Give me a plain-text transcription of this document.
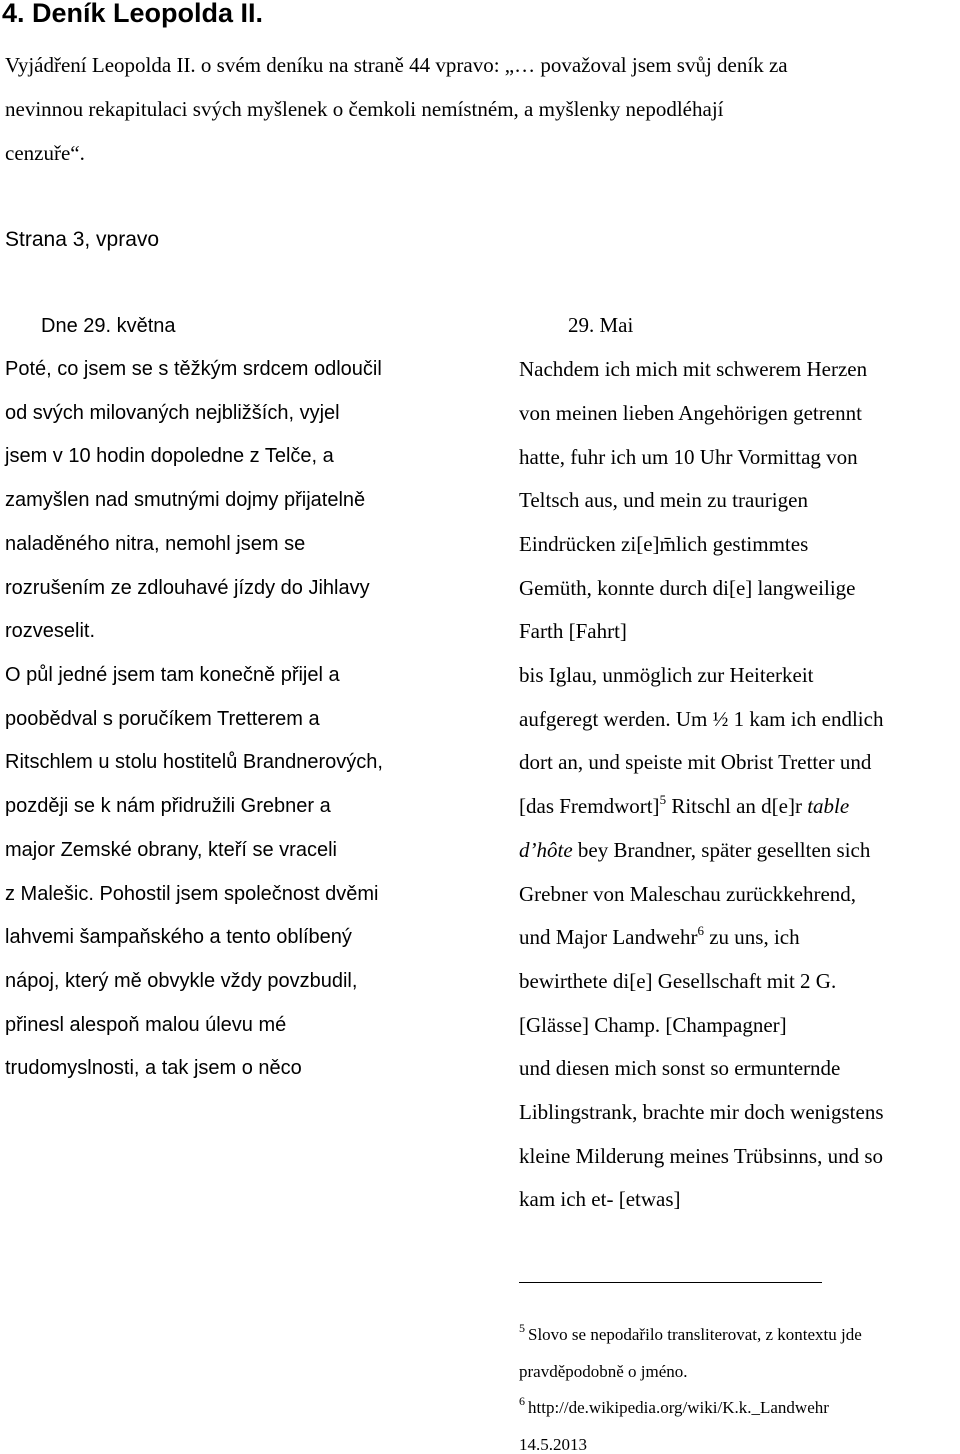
4. Deník Leopolda II.
Vyjádření Leopolda II. o svém deníku na straně 44 vpravo: „… považoval jsem svůj deník za
nevinnou rekapitulaci svých myšlenek o čemkoli nemístném, a myšlenky nepodléhají
cenzuře“.
Strana 3, vpravo
Dne 29. května
Poté, co jsem se s těžkým srdcem odloučil
od svých milovaných nejbližších, vyjel
jsem v 10 hodin dopoledne z Telče, a
zamyšlen nad smutnými dojmy přijatelně
naladěného nitra, nemohl jsem se
rozrušením ze zdlouhavé jízdy do Jihlavy
rozveselit.
O půl jedné jsem tam konečně přijel a
poobědval s poručíkem Tretterem a
Ritschlem u stolu hostitelů Brandnerových,
později se k nám přidružili Grebner a
major Zemské obrany, kteří se vraceli
z Malešic. Pohostil jsem společnost dvěmi
lahvemi šampaňského a tento oblíbený
nápoj, který mě obvykle vždy povzbudil,
přinesl alespoň malou úlevu mé
trudomyslnosti, a tak jsem o něco
29. Mai
Nachdem ich mich mit schwerem Herzen
von meinen lieben Angehörigen getrennt
hatte, fuhr ich um 10 Uhr Vormittag von
Teltsch aus, und mein zu traurigen
Eindrücken zi[e]m̄lich gestimmtes
Gemüth, konnte durch di[e] langweilige
Farth [Fahrt]
bis Iglau, unmöglich zur Heiterkeit
aufgeregt werden. Um ½ 1 kam ich endlich
dort an, und speiste mit Obrist Tretter und
[das Fremdwort]$^5$ Ritschl an d[e]r table
d’hôte bey Brandner, später gesellten sich
Grebner von Maleschau zurückkehrend,
und Major Landwehr$^6$ zu uns, ich
bewirthete di[e] Gesellschaft mit 2 G.
[Glässe] Champ. [Champagner]
und diesen mich sonst so ermunternde
Liblingstrank, brachte mir doch wenigstens
kleine Milderung meines Trübsinns, und so
kam ich et- [etwas]
$^5$ Slovo se nepodařilo transliterovat, z kontextu jde
pravděpodobně o jméno.
$^6$ http://de.wikipedia.org/wiki/K.k._Landwehr
14.5.2013
